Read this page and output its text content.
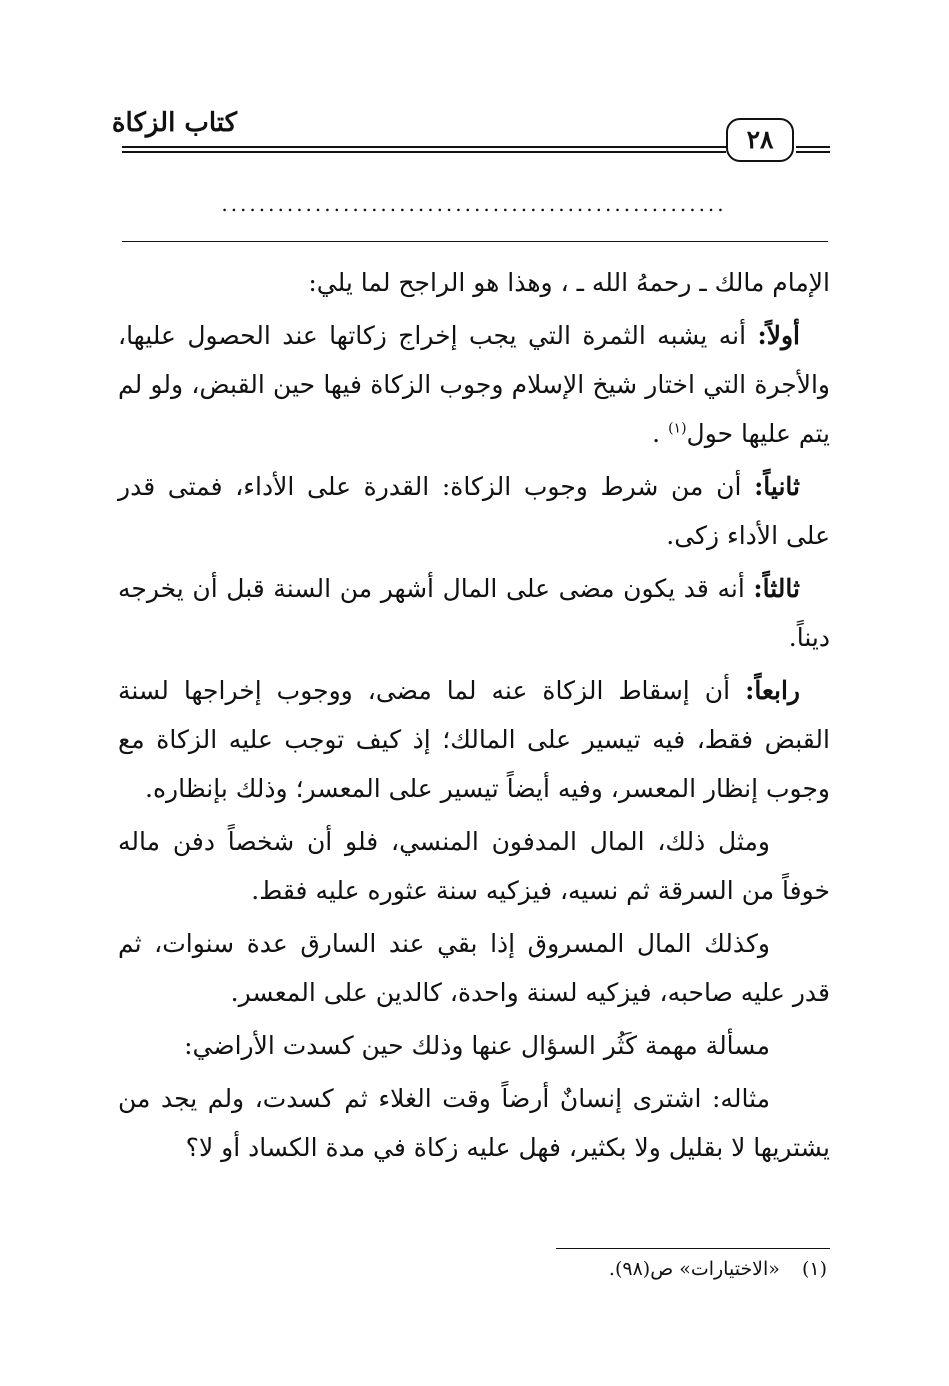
كتاب الزكاة
٢٨
......................................................

الإمام مالك ـ رحمهُ الله ـ ، وهذا هو الراجح لما يلي:

أولاً: أنه يشبه الثمرة التي يجب إخراج زكاتها عند الحصول عليها، والأجرة التي اختار شيخ الإسلام وجوب الزكاة فيها حين القبض، ولو لم يتم عليها حول$^{(١)}$ .

ثانياً: أن من شرط وجوب الزكاة: القدرة على الأداء، فمتى قدر على الأداء زكى.

ثالثاً: أنه قد يكون مضى على المال أشهر من السنة قبل أن يخرجه ديناً.

رابعاً: أن إسقاط الزكاة عنه لما مضى، ووجوب إخراجها لسنة القبض فقط، فيه تيسير على المالك؛ إذ كيف توجب عليه الزكاة مع وجوب إنظار المعسر، وفيه أيضاً تيسير على المعسر؛ وذلك بإنظاره.

ومثل ذلك، المال المدفون المنسي، فلو أن شخصاً دفن ماله خوفاً من السرقة ثم نسيه، فيزكيه سنة عثوره عليه فقط.

وكذلك المال المسروق إذا بقي عند السارق عدة سنوات، ثم قدر عليه صاحبه، فيزكيه لسنة واحدة، كالدين على المعسر.

مسألة مهمة كَثُر السؤال عنها وذلك حين كسدت الأراضي:

مثاله: اشترى إنسانٌ أرضاً وقت الغلاء ثم كسدت، ولم يجد من يشتريها لا بقليل ولا بكثير، فهل عليه زكاة في مدة الكساد أو لا؟

(١)«الاختيارات» ص(٩٨).
